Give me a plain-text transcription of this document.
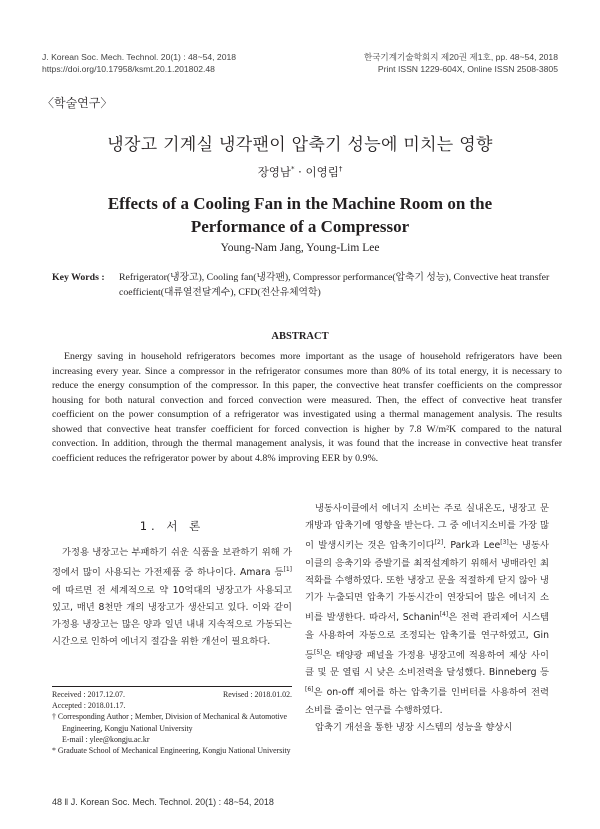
J. Korean Soc. Mech. Technol. 20(1) : 48~54, 2018
https://doi.org/10.17958/ksmt.20.1.201802.48
한국기계기술학회지 제20권 제1호, pp. 48~54, 2018
Print ISSN 1229-604X, Online ISSN 2508-3805
〈학술연구〉
냉장고 기계실 냉각팬이 압축기 성능에 미치는 영향
장영남* · 이영림†
Effects of a Cooling Fan in the Machine Room on the
Performance of a Compressor
Young-Nam Jang, Young-Lim Lee
Key Words :	Refrigerator(냉장고), Cooling fan(냉각팬), Compressor performance(압축기 성능), Convective heat transfer coefficient(대류열전달계수), CFD(전산유체역학)
ABSTRACT

Energy saving in household refrigerators becomes more important as the usage of household refrigerators have been increasing every year. Since a compressor in the refrigerator consumes more than 80% of its total energy, it is necessary to reduce the energy consumption of the compressor. In this paper, the convective heat transfer coefficients on the compressor housing for both natural convection and forced convection were measured. Then, the effect of convective heat transfer coefficient on the power consumption of a refrigerator was investigated using a thermal management analysis. The results showed that convective heat transfer coefficient for forced convection is higher by 7.8 W/m²K compared to the natural convection. In addition, through the thermal management analysis, it was found that the increase in convective heat transfer coefficient reduces the refrigerator power by about 4.8% improving EER by 0.9%.

1. 서 론

가정용 냉장고는 부패하기 쉬운 식품을 보관하기 위해 가정에서 많이 사용되는 가전제품 중 하나이다. Amara 등[1]에 따르면 전 세계적으로 약 10억대의 냉장고가 사용되고 있고, 매년 8천만 개의 냉장고가 생산되고 있다. 이와 같이 가정용 냉장고는 많은 양과 일년 내내 지속적으로 가동되는 시간으로 인하여 에너지 절감을 위한 개선이 필요하다.

냉동사이클에서 에너지 소비는 주로 실내온도, 냉장고 문 개방과 압축기에 영향을 받는다. 그 중 에너지소비를 가장 많이 발생시키는 것은 압축기이다[2]. Park과 Lee[3]는 냉동사이클의 응축기와 증발기를 최적설계하기 위해서 냉매라인 최적화를 수행하였다. 또한 냉장고 문을 적절하게 닫지 않아 냉기가 누출되면 압축기 가동시간이 연장되어 많은 에너지 소비를 발생한다. 따라서, Schanin[4]은 전력 관리제어 시스템을 사용하여 자동으로 조정되는 압축기를 연구하였고, Gin 등[5]은 태양광 패널을 가정용 냉장고에 적용하여 제상 사이클 및 문 열림 시 낮은 소비전력을 달성했다. Binneberg 등[6]은 on-off 제어를 하는 압축기를 인버터를 사용하여 전력소비를 줄이는 연구를 수행하였다.

압축기 개선을 통한 냉장 시스템의 성능을 향상시

Received : 2017.12.07.	Revised : 2018.01.02.
Accepted : 2018.01.17.
† Corresponding Author ; Member, Division of Mechanical & Automotive Engineering, Kongju National University
E-mail : ylee@kongju.ac.kr
* Graduate School of Mechanical Engineering, Kongju National University
48 ‖ J. Korean Soc. Mech. Technol. 20(1) : 48~54, 2018
